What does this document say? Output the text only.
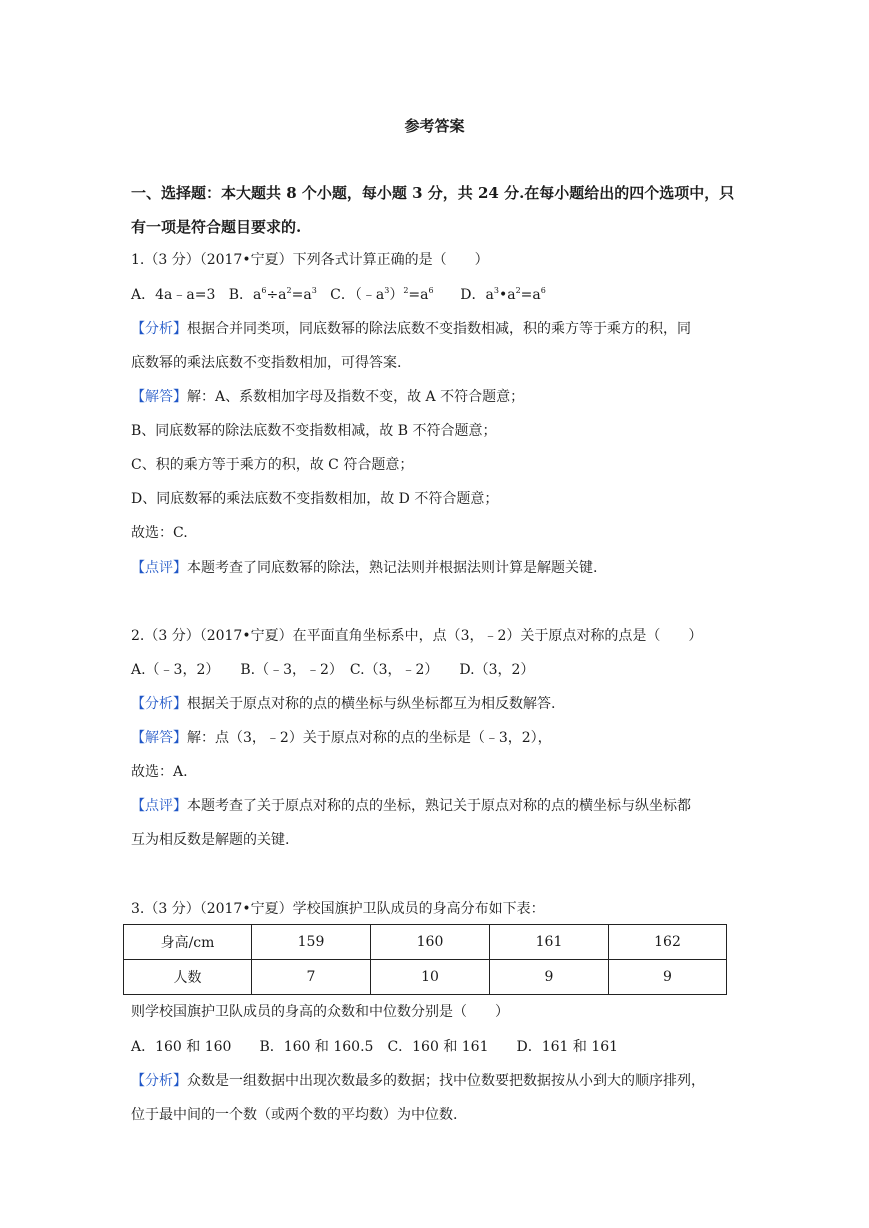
参考答案
一、选择题：本大题共 8 个小题，每小题 3 分，共 24 分.在每小题给出的四个选项中，只
有一项是符合题目要求的.
1.（3 分）（2017•宁夏）下列各式计算正确的是（　　）
A．4a﹣a=3 B．$a^6\div a^2=a^3$ C．$(﹣a^3)^2=a^6$ D．$a^3•a^2=a^6$
【分析】根据合并同类项，同底数幂的除法底数不变指数相减，积的乘方等于乘方的积，同
底数幂的乘法底数不变指数相加，可得答案.
【解答】解：A、系数相加字母及指数不变，故 A 不符合题意；
B、同底数幂的除法底数不变指数相减，故 B 不符合题意；
C、积的乘方等于乘方的积，故 C 符合题意；
D、同底数幂的乘法底数不变指数相加，故 D 不符合题意；
故选：C.
【点评】本题考查了同底数幂的除法，熟记法则并根据法则计算是解题关键.
2.（3 分）（2017•宁夏）在平面直角坐标系中，点（3，﹣2）关于原点对称的点是（　　）
A.（﹣3，2）　　B.（﹣3，﹣2）　C.（3，﹣2）　　D.（3，2）
【分析】根据关于原点对称的点的横坐标与纵坐标都互为相反数解答.
【解答】解：点（3，﹣2）关于原点对称的点的坐标是（﹣3，2），
故选：A.
【点评】本题考查了关于原点对称的点的坐标，熟记关于原点对称的点的横坐标与纵坐标都
互为相反数是解题的关键.
3.（3 分）（2017•宁夏）学校国旗护卫队成员的身高分布如下表：
身高/cm	159	160	161	162
人数	7	10	9	9
则学校国旗护卫队成员的身高的众数和中位数分别是（　　）
A．160 和 160　　B．160 和 160.5　C．160 和 161　　D．161 和 161
【分析】众数是一组数据中出现次数最多的数据；找中位数要把数据按从小到大的顺序排列，
位于最中间的一个数（或两个数的平均数）为中位数.
